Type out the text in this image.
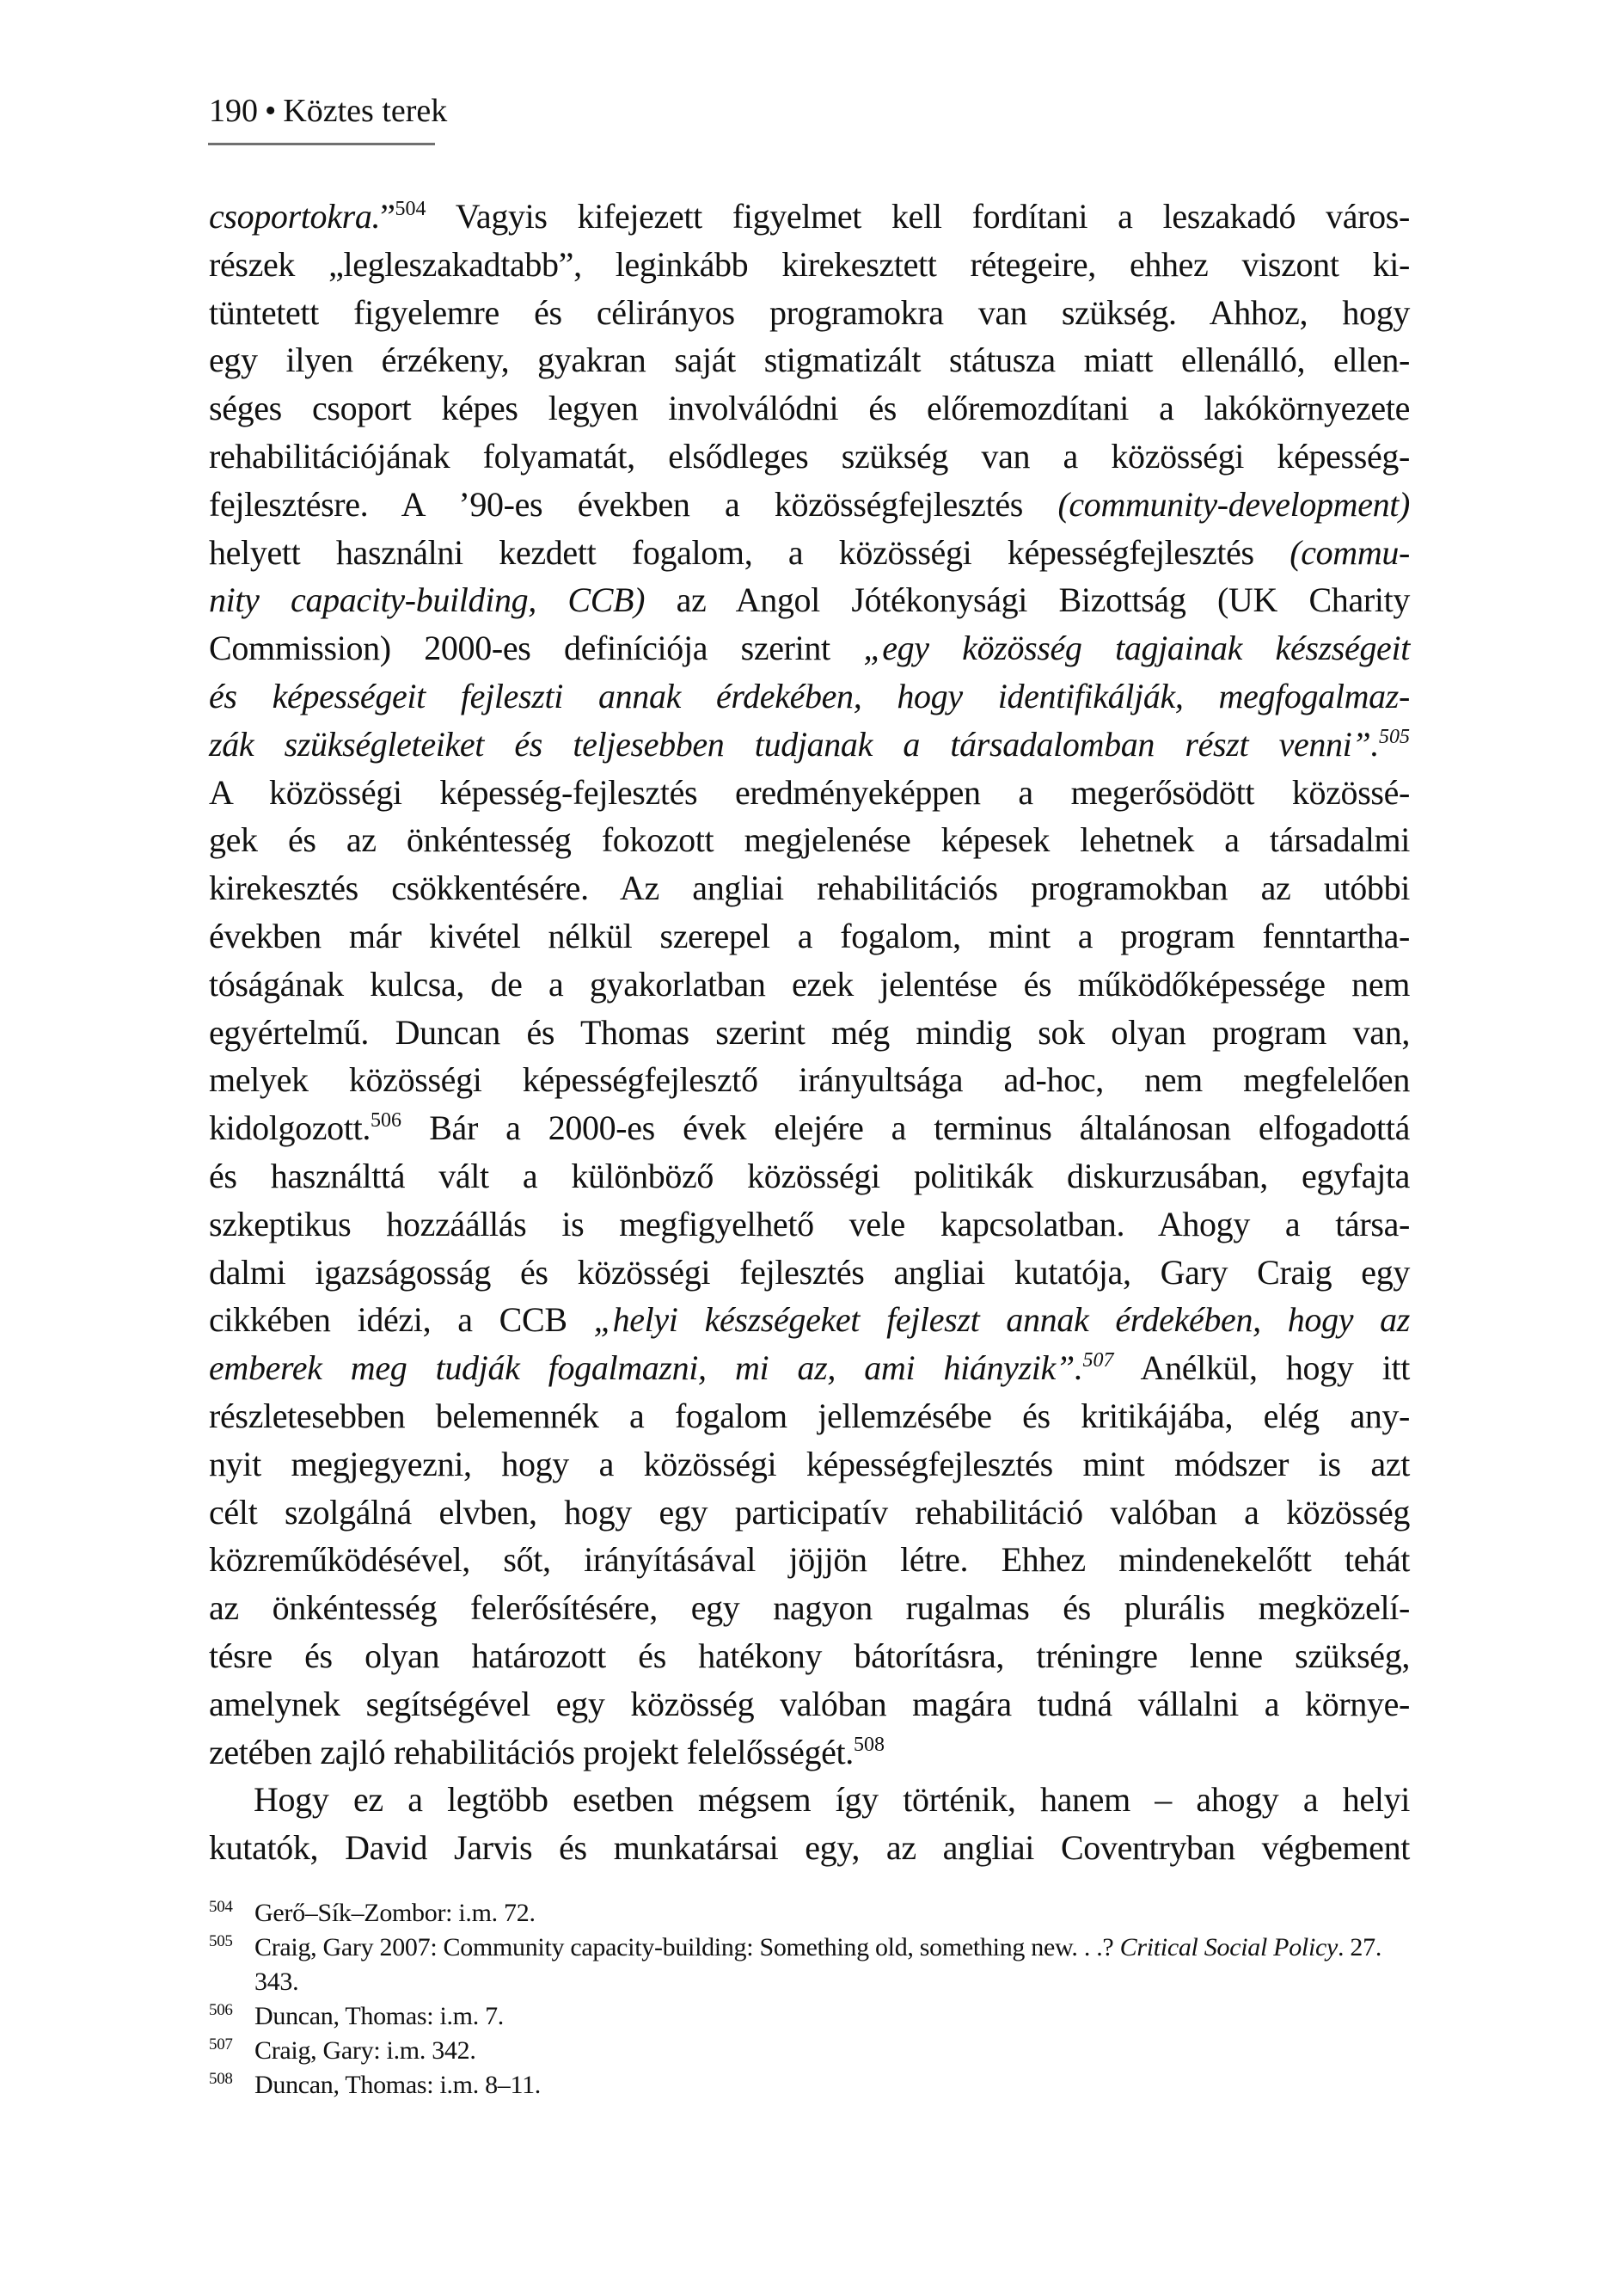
190 • Köztes terek
csoportokra.”$^{504}$ Vagyis kifejezett figyelmet kell fordítani a leszakadó város-
részek „legleszakadtabb”, leginkább kirekesztett rétegeire, ehhez viszont ki-
tüntetett figyelemre és célirányos programokra van szükség. Ahhoz, hogy
egy ilyen érzékeny, gyakran saját stigmatizált státusza miatt ellenálló, ellen-
séges csoport képes legyen involválódni és előremozdítani a lakókörnyezete
rehabilitációjának folyamatát, elsődleges szükség van a közösségi képesség-
fejlesztésre. A ’90-es években a közösségfejlesztés (community-development)
helyett használni kezdett fogalom, a közösségi képességfejlesztés (commu-
nity capacity-building, CCB) az Angol Jótékonysági Bizottság (UK Charity
Commission) 2000-es definíciója szerint „egy közösség tagjainak készségeit
és képességeit fejleszti annak érdekében, hogy identifikálják, megfogalmaz-
zák szükségleteiket és teljesebben tudjanak a társadalomban részt venni”.$^{505}$
A közösségi képesség-fejlesztés eredményeképpen a megerősödött közössé-
gek és az önkéntesség fokozott megjelenése képesek lehetnek a társadalmi
kirekesztés csökkentésére. Az angliai rehabilitációs programokban az utóbbi
években már kivétel nélkül szerepel a fogalom, mint a program fenntartha-
tóságának kulcsa, de a gyakorlatban ezek jelentése és működőképessége nem
egyértelmű. Duncan és Thomas szerint még mindig sok olyan program van,
melyek közösségi képességfejlesztő irányultsága ad-hoc, nem megfelelően
kidolgozott.$^{506}$ Bár a 2000-es évek elejére a terminus általánosan elfogadottá
és használttá vált a különböző közösségi politikák diskurzusában, egyfajta
szkeptikus hozzáállás is megfigyelhető vele kapcsolatban. Ahogy a társa-
dalmi igazságosság és közösségi fejlesztés angliai kutatója, Gary Craig egy
cikkében idézi, a CCB „helyi készségeket fejleszt annak érdekében, hogy az
emberek meg tudják fogalmazni, mi az, ami hiányzik”.$^{507}$ Anélkül, hogy itt
részletesebben belemennék a fogalom jellemzésébe és kritikájába, elég any-
nyit megjegyezni, hogy a közösségi képességfejlesztés mint módszer is azt
célt szolgálná elvben, hogy egy participatív rehabilitáció valóban a közösség
közreműködésével, sőt, irányításával jöjjön létre. Ehhez mindenekelőtt tehát
az önkéntesség felerősítésére, egy nagyon rugalmas és plurális megközelí-
tésre és olyan határozott és hatékony bátorításra, tréningre lenne szükség,
amelynek segítségével egy közösség valóban magára tudná vállalni a környe-
zetében zajló rehabilitációs projekt felelősségét.$^{508}$
Hogy ez a legtöbb esetben mégsem így történik, hanem – ahogy a helyi
kutatók, David Jarvis és munkatársai egy, az angliai Coventryban végbement
504 Gerő–Sík–Zombor: i.m. 72.
505 Craig, Gary 2007: Community capacity-building: Something old, something new. . .? Critical Social Policy. 27. 343.
506 Duncan, Thomas: i.m. 7.
507 Craig, Gary: i.m. 342.
508 Duncan, Thomas: i.m. 8–11.
